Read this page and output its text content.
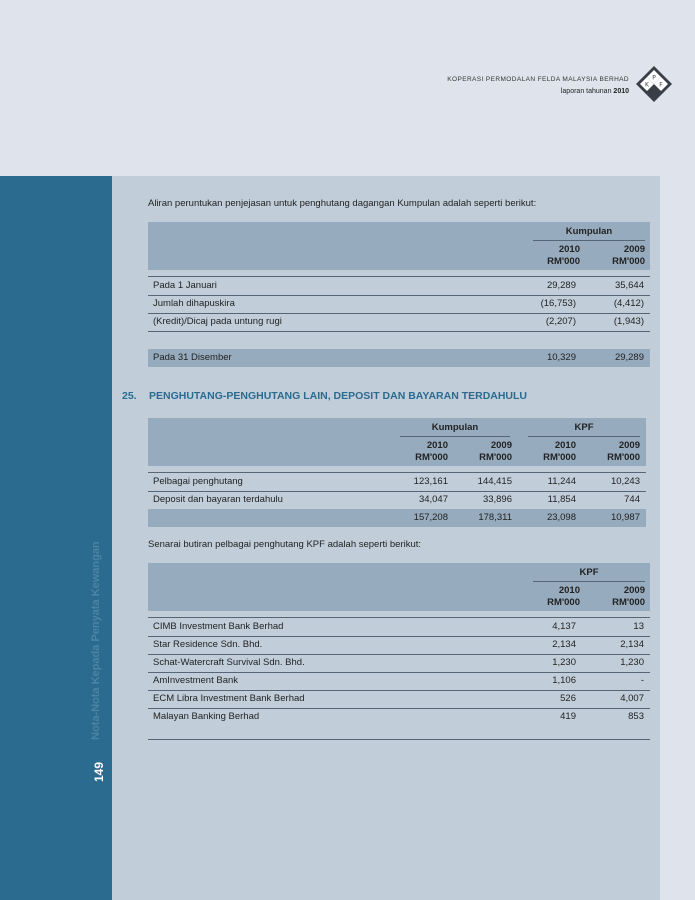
KOPERASI PERMODALAN FELDA MALAYSIA BERHAD
laporan tahunan 2010
K
P
F
Nota-Nota Kepada Penyata Kewangan
149
Aliran peruntukan penjejasan untuk penghutang dagangan Kumpulan adalah seperti berikut:
Kumpulan
2010
RM'000
2009
RM'000
Pada 1 Januari	29,289	35,644
Jumlah dihapuskira	(16,753)	(4,412)
(Kredit)/Dicaj pada untung rugi	(2,207)	(1,943)
Pada 31 Disember	10,329	29,289
25. PENGHUTANG-PENGHUTANG LAIN, DEPOSIT DAN BAYARAN TERDAHULU
Kumpulan	KPF
2010
RM'000
2009
RM'000
2010
RM'000
2009
RM'000
Pelbagai penghutang	123,161	144,415	11,244	10,243
Deposit dan bayaran terdahulu	34,047	33,896	11,854	744
157,208	178,311	23,098	10,987
Senarai butiran pelbagai penghutang KPF adalah seperti berikut:
KPF
2010
RM'000
2009
RM'000
CIMB Investment Bank Berhad	4,137	13
Star Residence Sdn. Bhd.	2,134	2,134
Schat-Watercraft Survival Sdn. Bhd.	1,230	1,230
AmInvestment Bank	1,106	-
ECM Libra Investment Bank Berhad	526	4,007
Malayan Banking Berhad	419	853
